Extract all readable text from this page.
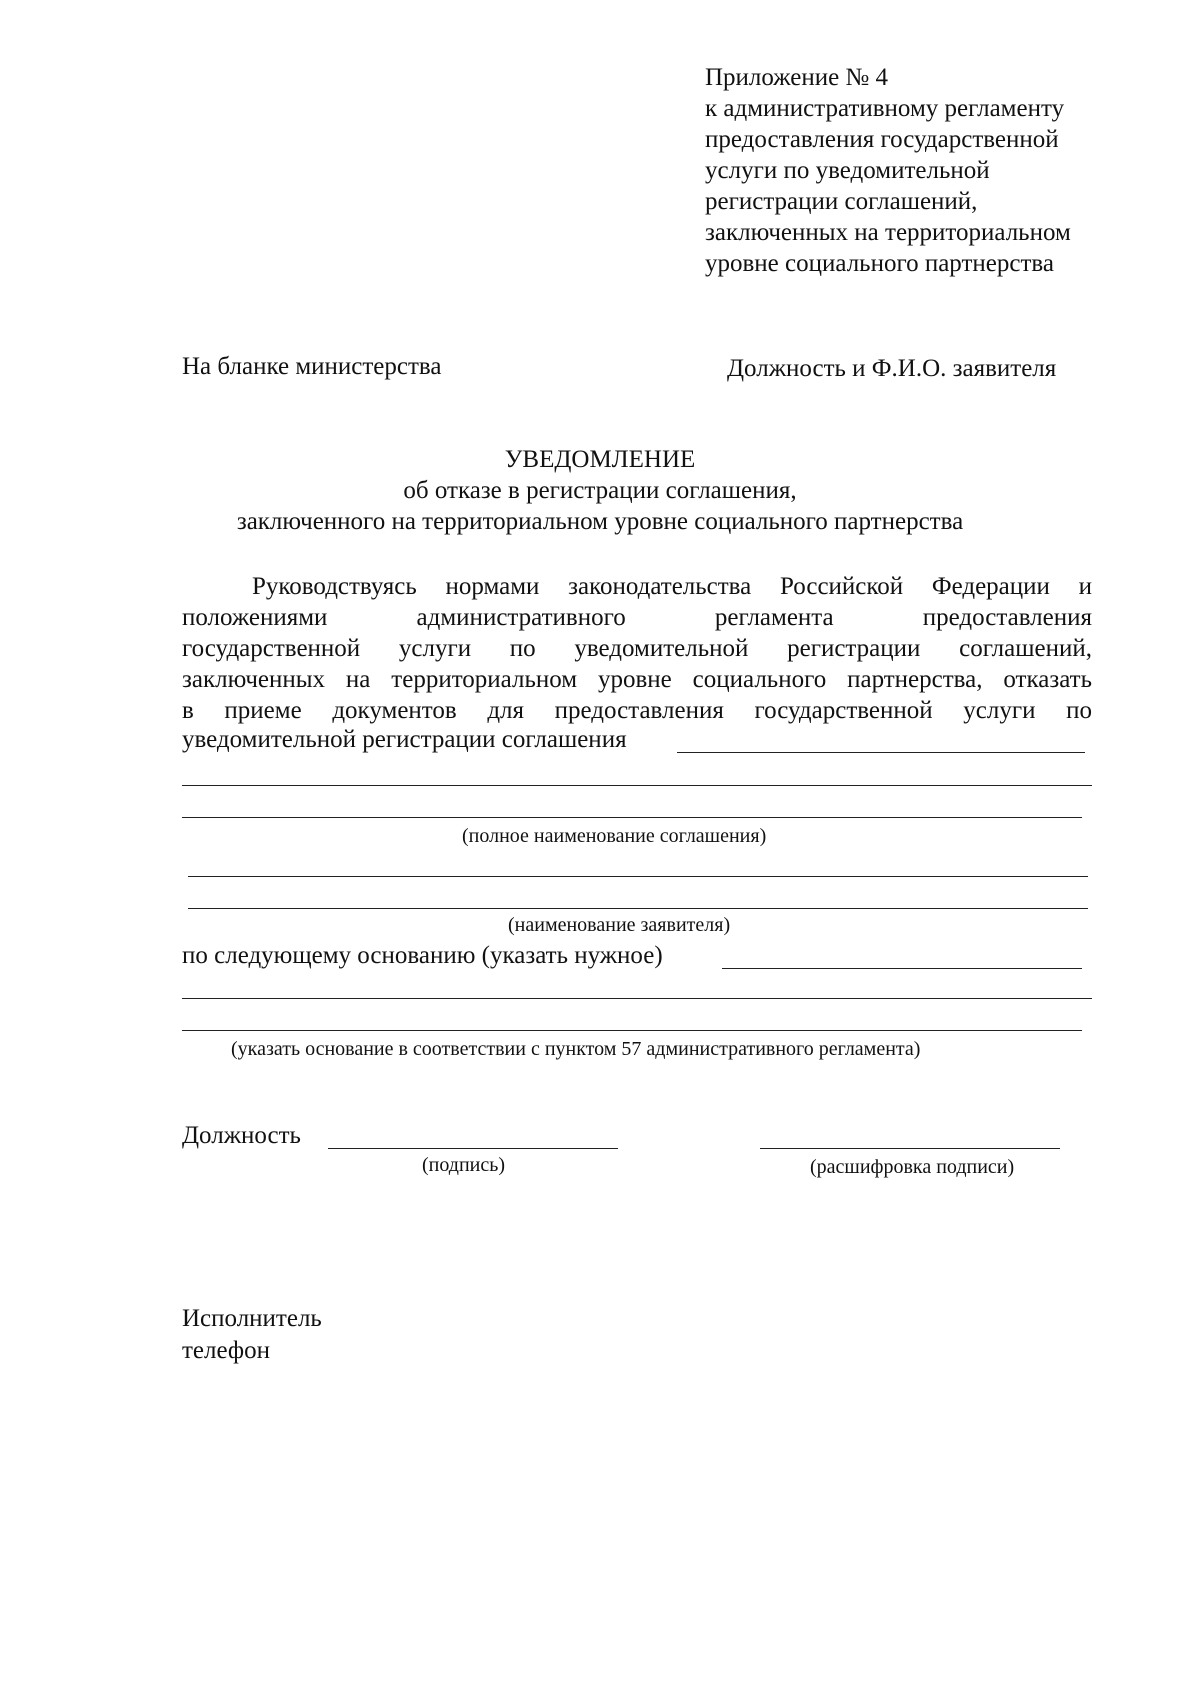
Приложение № 4
к административному регламенту
предоставления государственной
услуги по уведомительной
регистрации соглашений,
заключенных на территориальном
уровне социального партнерства
На бланке министерства	Должность и Ф.И.О. заявителя
УВЕДОМЛЕНИЕ
об отказе в регистрации соглашения,
заключенного на территориальном уровне социального партнерства
Руководствуясь нормами законодательства Российской Федерации и
положениями административного регламента предоставления
государственной услуги по уведомительной регистрации соглашений,
заключенных на территориальном уровне социального партнерства, отказать
в приеме документов для предоставления государственной услуги по
уведомительной регистрации соглашения
(полное наименование соглашения)
(наименование заявителя)
по следующему основанию (указать нужное)
(указать основание в соответствии с пунктом 57 административного регламента)
Должность
(подпись)	(расшифровка подписи)
Исполнитель
телефон
